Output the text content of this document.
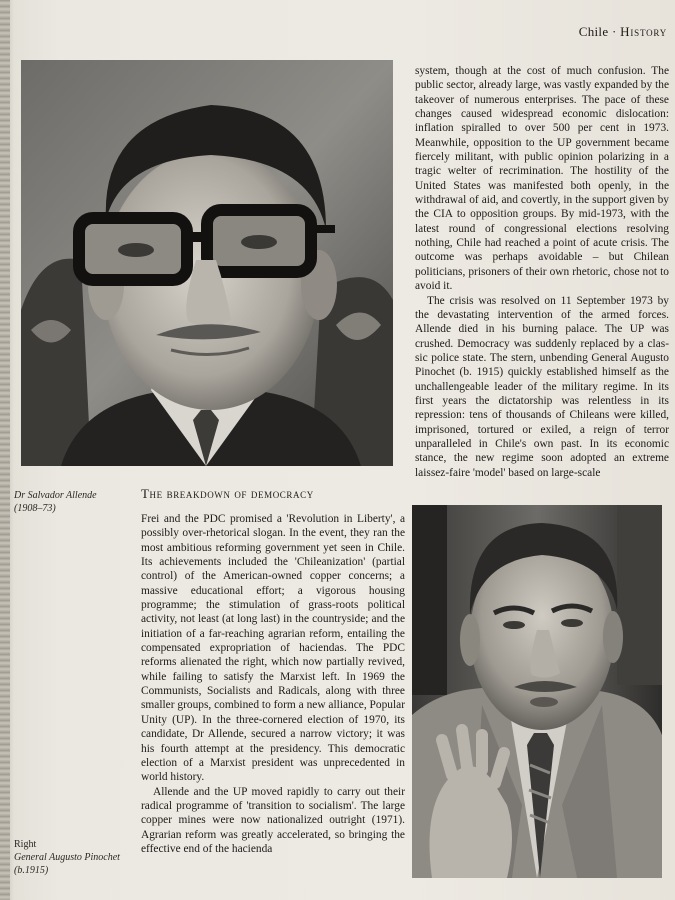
Chile · History
Dr Salvador Allende (1908–73)
The breakdown of democracy

system, though at the cost of much confusion. The public sector, already large, was vastly expanded by the takeover of numerous enterprises. The pace of these changes caused widespread economic dislocation: inflation spiralled to over 500 per cent in 1973. Meanwhile, opposition to the UP government became fiercely militant, with public opinion polarizing in a tragic welter of recrimination. The hostility of the United States was manifested both openly, in the withdrawal of aid, and covertly, in the support given by the CIA to opposition groups. By mid-1973, with the latest round of congressional elections resolving nothing, Chile had reached a point of acute crisis. The outcome was perhaps avoidable – but Chilean politicians, prisoners of their own rhetoric, chose not to avoid it.

The crisis was resolved on 11 September 1973 by the devastating intervention of the armed forces. Allende died in his burning palace. The UP was crushed. Democracy was suddenly replaced by a classic police state. The stern, unbending General Augusto Pinochet (b. 1915) quickly established himself as the unchallengeable leader of the military regime. In its first years the dictatorship was relentless in its repression: tens of thousands of Chileans were killed, imprisoned, tortured or exiled, a reign of terror unparalleled in Chile's own past. In its economic stance, the new regime soon adopted an extreme laissez-faire 'model' based on large-scale

Frei and the PDC promised a 'Revolution in Liberty', a possibly over-rhetorical slogan. In the event, they ran the most ambitious reforming government yet seen in Chile. Its achievements included the 'Chileanization' (partial control) of the American-owned copper concerns; a massive educational effort; a vigorous housing programme; the stimulation of grass-roots political activity, not least (at long last) in the countryside; and the initiation of a far-reaching agrarian reform, entailing the compensated expropriation of haciendas. The PDC reforms alienated the right, which now partially revived, while failing to satisfy the Marxist left. In 1969 the Communists, Socialists and Radicals, along with three smaller groups, combined to form a new alliance, Popular Unity (UP). In the three-cornered election of 1970, its candidate, Dr Allende, secured a narrow victory; it was his fourth attempt at the presidency. This democratic election of a Marxist president was unprecedented in world history.

Allende and the UP moved rapidly to carry out their radical programme of 'transition to socialism'. The large copper mines were now nationalized outright (1971). Agrarian reform was greatly accelerated, so bringing the effective end of the hacienda

Right
General Augusto Pinochet (b.1915)
